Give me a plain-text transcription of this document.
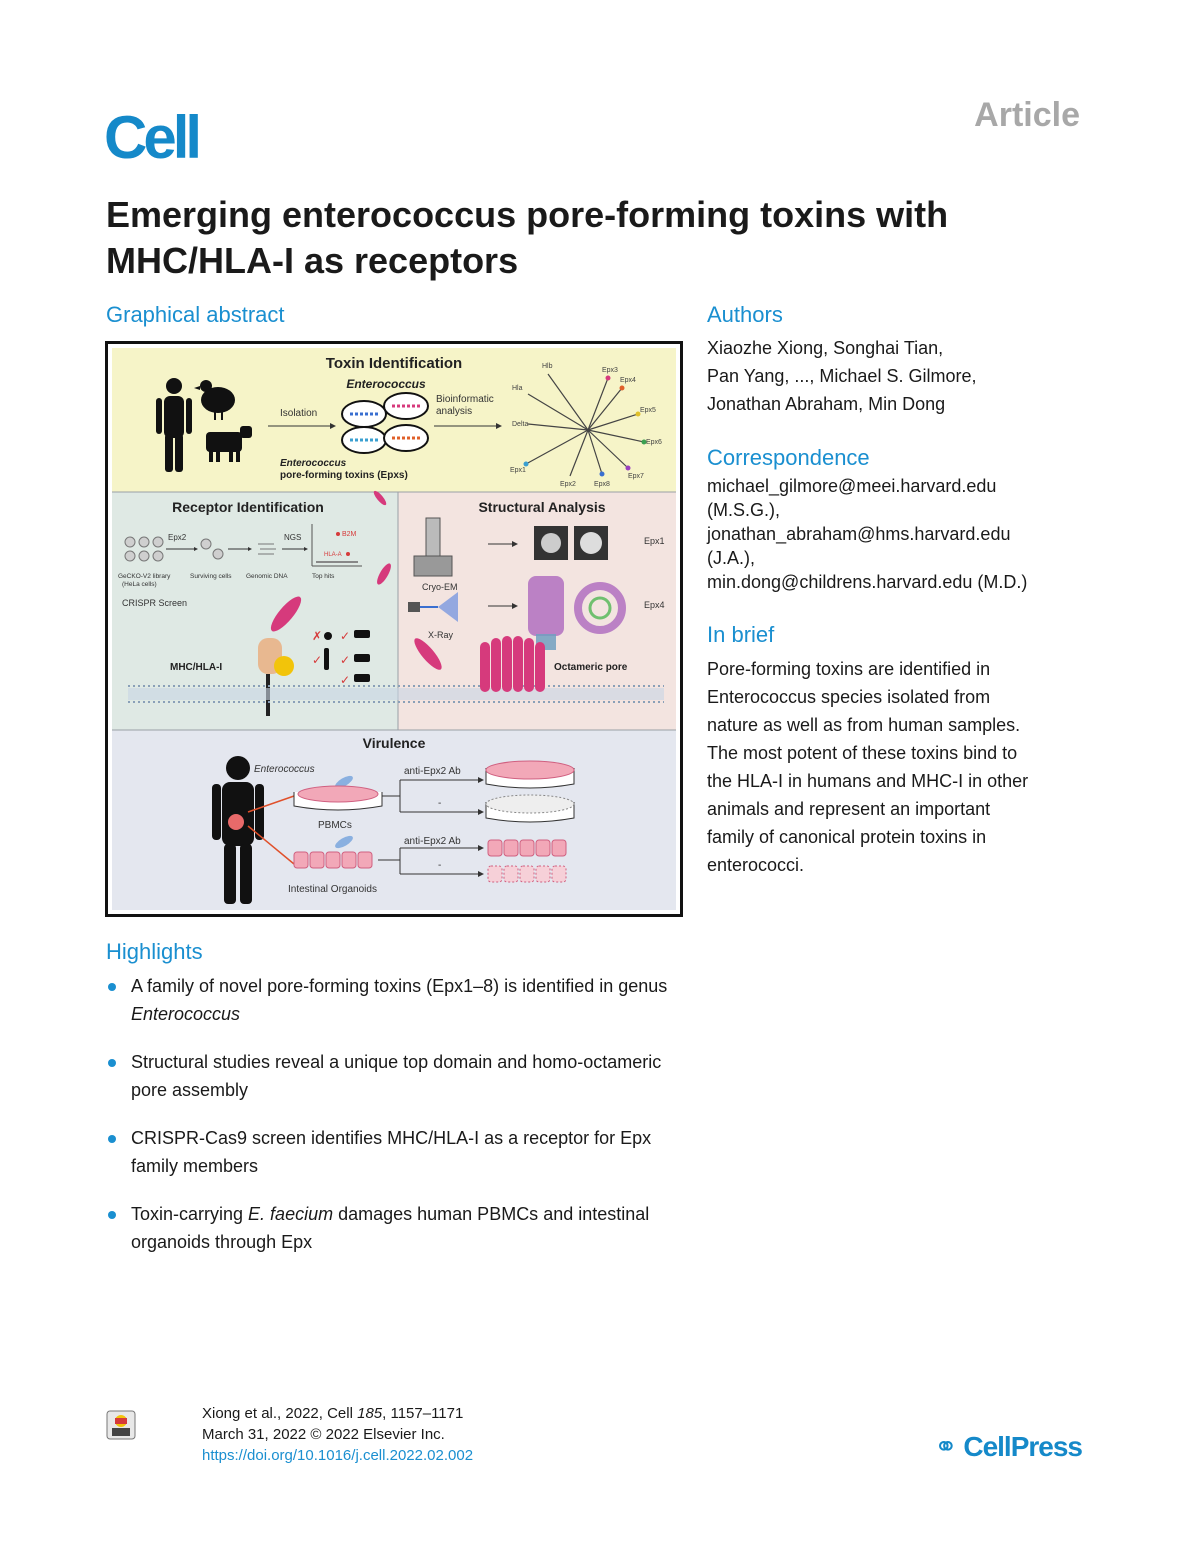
Cell	Article
Emerging enterococcus pore-forming toxins with MHC/HLA-I as receptors
Graphical abstract
Toxin Identification
Enterococcus
Isolation
Bioinformatic
analysis
Enterococcus
pore-forming toxins (Epxs)
Hlb
Hla
Delta
Epx1
Epx2
Epx3
Epx4
Epx5
Epx6
Epx7
Epx8
Receptor Identification
Epx2	NGS	B2M
HLA-A
GeCKO-V2 library
(HeLa cells)
Surviving cells Genomic DNA	Top hits
CRISPR Screen
MHC/HLA-I
✗ ✓
✓ ✓
✓
Structural Analysis
Cryo-EM
Epx1
X-Ray
Epx4
Octameric pore
Virulence
Enterococcus
PBMCs
anti-Epx2 Ab
-
Intestinal Organoids
anti-Epx2 Ab
-
Highlights
A family of novel pore-forming toxins (Epx1–8) is identified in genus Enterococcus
Structural studies reveal a unique top domain and homo-octameric pore assembly
CRISPR-Cas9 screen identifies MHC/HLA-I as a receptor for Epx family members
Toxin-carrying E. faecium damages human PBMCs and intestinal organoids through Epx
Authors
Xiaozhe Xiong, Songhai Tian,
Pan Yang, ..., Michael S. Gilmore,
Jonathan Abraham, Min Dong
Correspondence
michael_gilmore@meei.harvard.edu
(M.S.G.),
jonathan_abraham@hms.harvard.edu
(J.A.),
min.dong@childrens.harvard.edu (M.D.)
In brief
Pore-forming toxins are identified in
Enterococcus species isolated from
nature as well as from human samples.
The most potent of these toxins bind to
the HLA-I in humans and MHC-I in other
animals and represent an important
family of canonical protein toxins in
enterococci.
Xiong et al., 2022, Cell 185, 1157–1171
March 31, 2022 © 2022 Elsevier Inc.
https://doi.org/10.1016/j.cell.2022.02.002	⚭ CellPress
